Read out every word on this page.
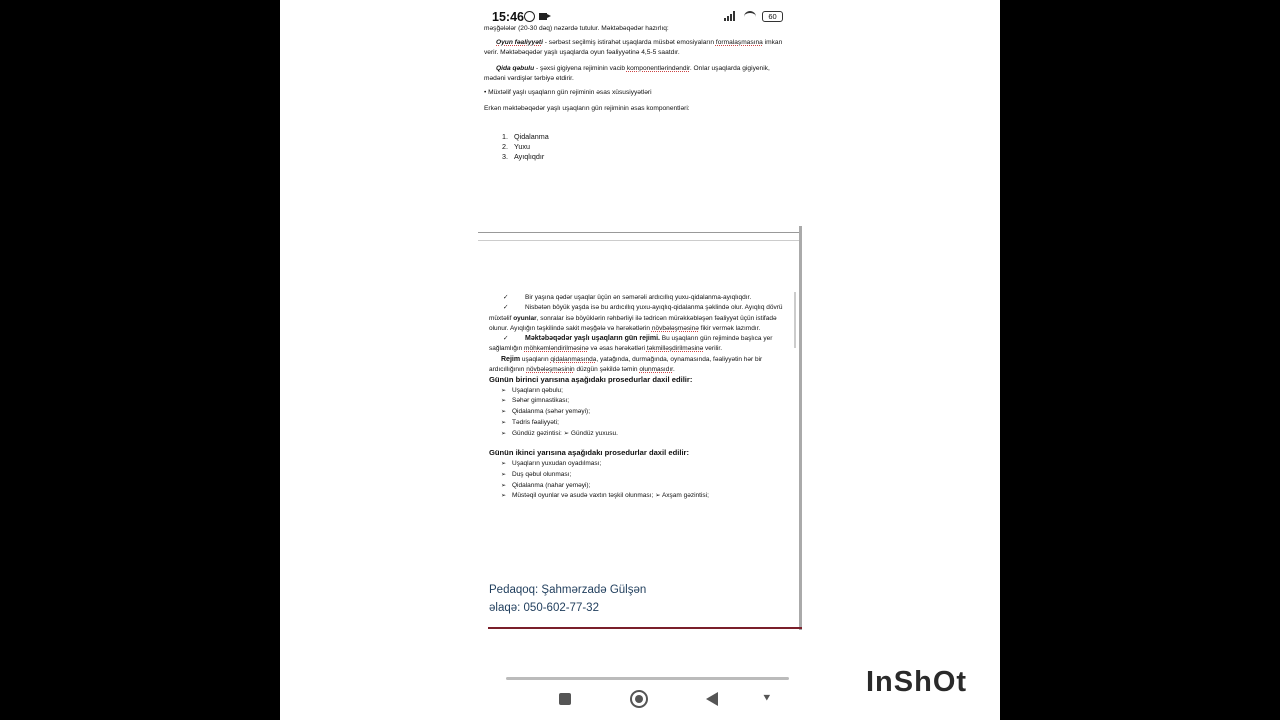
15:46	60

məşğələlər (20-30 dəq) nəzərdə tutulur. Məktəbəqədər hazırlıq:

Oyun fəaliyyəti - sərbəst seçilmiş istirahət uşaqlarda müsbət emosiyaların formalaşmasına imkan verir. Məktəbəqədər yaşlı uşaqlarda oyun fəaliyyətinə 4,5-5 saatdır.

Qida qəbulu - şəxsi gigiyena rejiminin vacib komponentlərindəndir. Onlar uşaqlarda gigiyenik, mədəni vərdişlər tərbiyə etdirir.

• Müxtəlif yaşlı uşaqların gün rejiminin əsas xüsusiyyətləri

Erkən məktəbəqədər yaşlı uşaqların gün rejiminin əsas komponentləri:

1. Qidalanma
2. Yuxu
3. Ayıqlıqdır

✓	Bir yaşına qədər uşaqlar üçün ən səmərəli ardıcıllıq yuxu-qidalanma-ayıqlıqdır.

✓	Nisbətən böyük yaşda isə bu ardıcıllıq yuxu-ayıqlıq-qidalanma şəklində olur. Ayıqlıq dövrü müxtəlif oyunlar, sonralar isə böyüklərin rəhbərliyi ilə tədricən mürəkkəbləşən fəaliyyət üçün istifadə olunur. Ayıqlığın təşkilində sakit məşğələ və hərəkətlərin növbələşməsinə fikir vermək lazımdır.

✓ Məktəbəqədər yaşlı uşaqların gün rejimi. Bu uşaqların gün rejimində başlıca yer sağlamlığın möhkəmləndirilməsinə və əsas hərəkətləri təkmilləşdirilməsinə verilir.

Rejim uşaqların qidalanmasında, yatağında, durmağında, oynamasında, fəaliyyətin hər bir ardıcıllığının növbələşməsinin düzgün şəkildə təmin olunmasıdır.

Günün birinci yarısına aşağıdakı prosedurlar daxil edilir:

➢ Uşaqların qəbulu;
➢ Səhər gimnastikası;
➢ Qidalanma (səhər yeməyi);
➢ Tədris fəaliyyəti;
➢ Gündüz gəzintisi: ➢ Gündüz yuxusu.

Günün ikinci yarısına aşağıdakı prosedurlar daxil edilir:

➢ Uşaqların yuxudan oyadılması;
➢ Duş qəbul olunması;
➢ Qidalanma (nahar yeməyi);
➢ Müstəqil oyunlar və asudə vaxtın təşkil olunması; ➢ Axşam gəzintisi;
Pedaqoq: Şahmərzadə Gülşən
əlaqə: 050-602-77-32
⯆	InShOt
